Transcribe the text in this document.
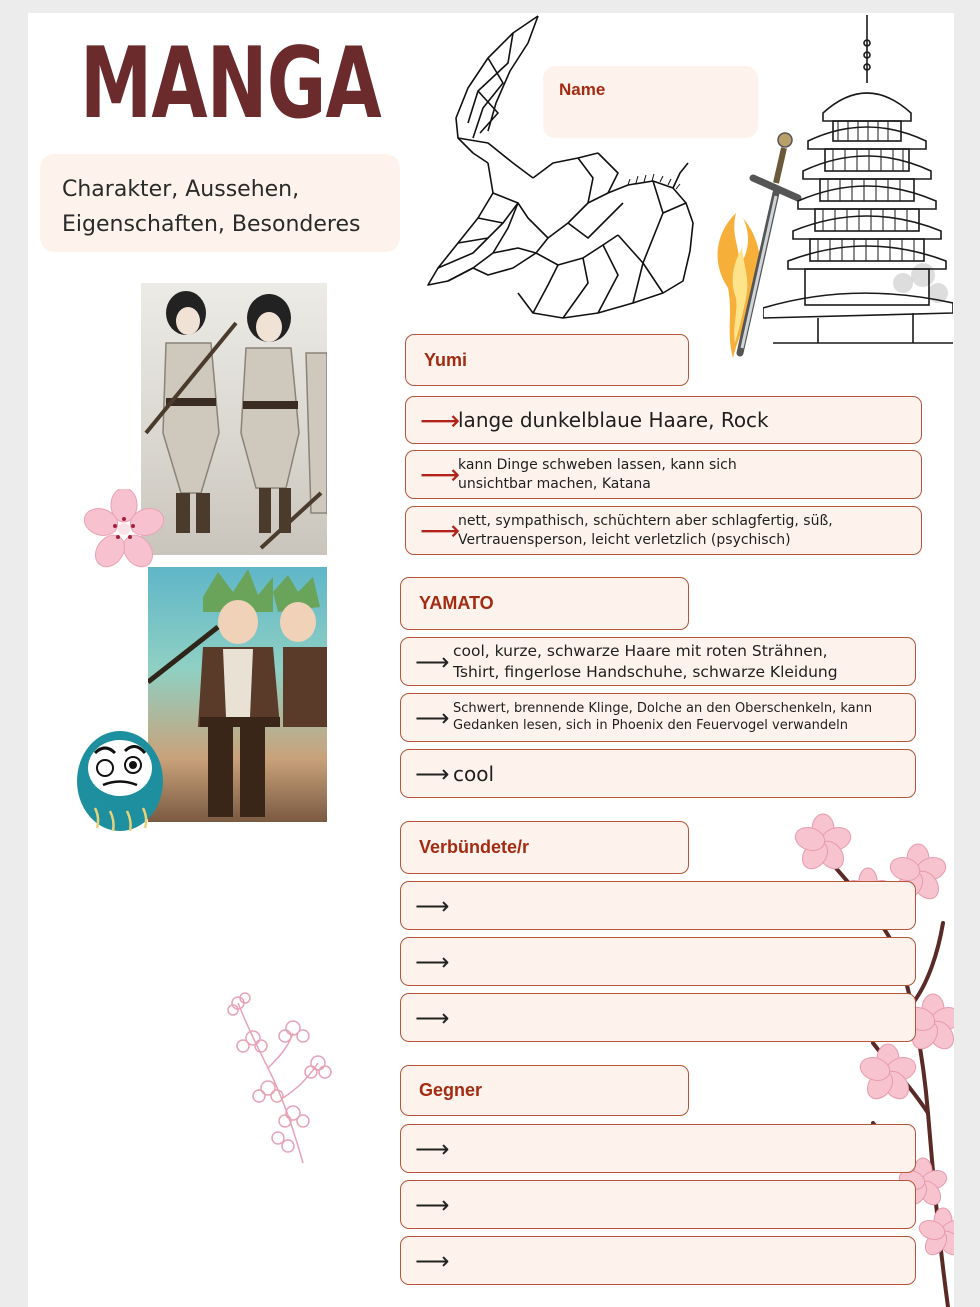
MANGA
Charakter, Aussehen,
Eigenschaften, Besonderes
Name
Yumi
⟶
lange dunkelblaue Haare, Rock
⟶
kann Dinge schweben lassen, kann sich
unsichtbar machen, Katana
⟶
nett, sympathisch, schüchtern aber schlagfertig, süß,
Vertrauensperson, leicht verletzlich (psychisch)
YAMATO
⟶ cool, kurze, schwarze Haare mit roten Strähnen,
Tshirt, fingerlose Handschuhe, schwarze Kleidung
⟶ Schwert, brennende Klinge, Dolche an den Oberschenkeln, kann
Gedanken lesen, sich in Phoenix den Feuervogel verwandeln
⟶ cool
Verbündete/r
⟶
⟶
⟶
Gegner
⟶
⟶
⟶
